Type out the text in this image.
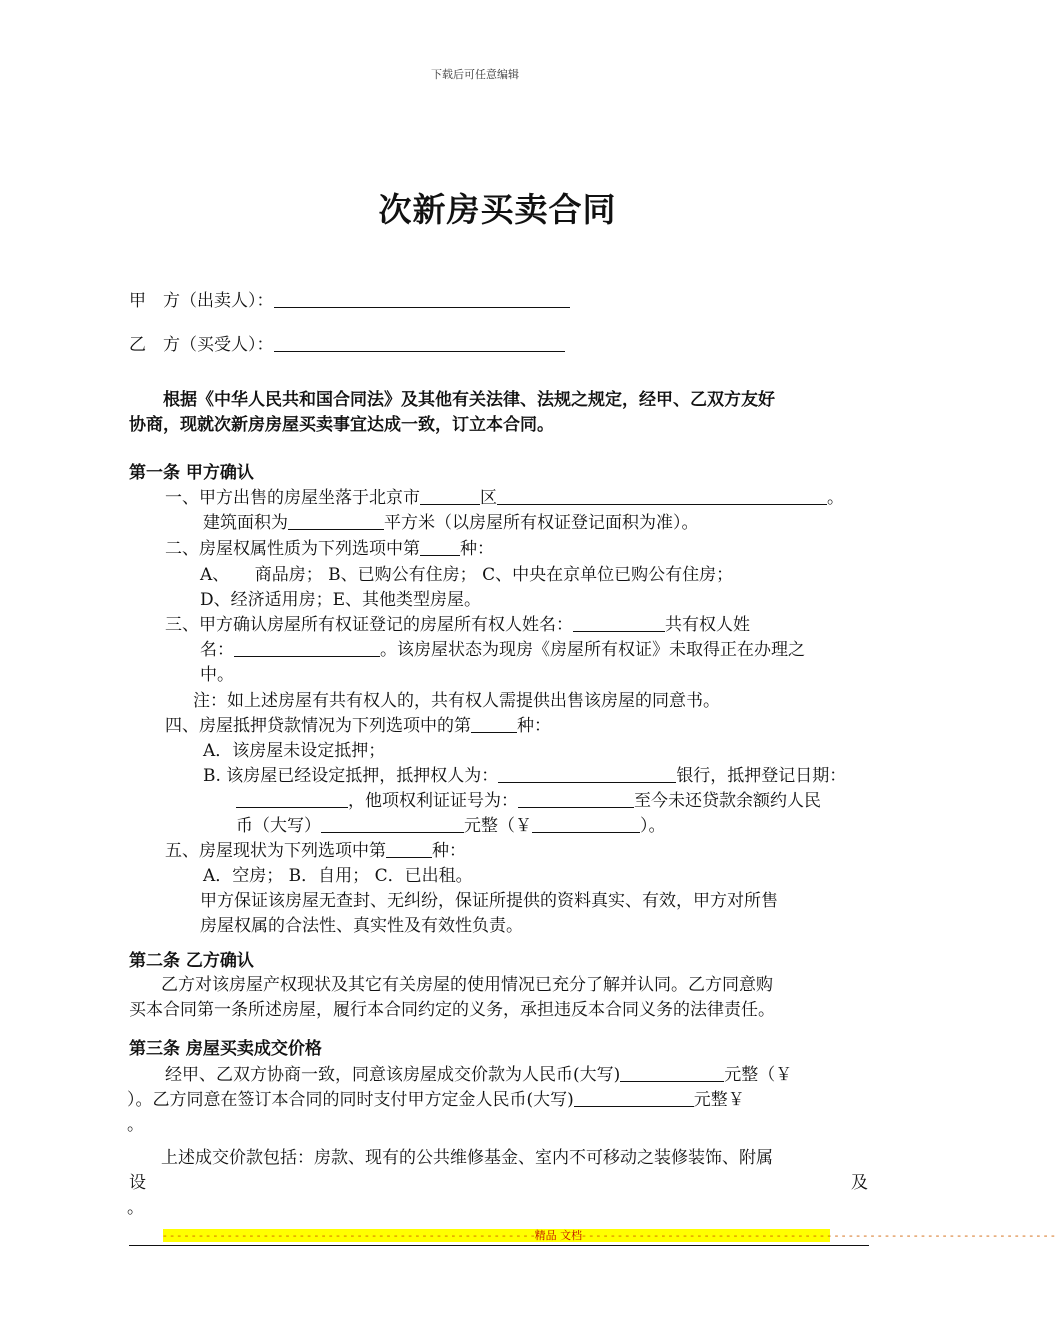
下载后可任意编辑
次新房买卖合同
甲　方（出卖人）：
乙　方（买受人）：
根据《中华人民共和国合同法》及其他有关法律、法规之规定，经甲、乙双方友好
协商，现就次新房房屋买卖事宜达成一致，订立本合同。
第一条 甲方确认
一、甲方出售的房屋坐落于北京市	区	。
建筑面积为	平方米（以房屋所有权证登记面积为准）。
二、房屋权属性质为下列选项中第 种：
A、　　商品房； B、已购公有住房； C、中央在京单位已购公有住房；
D、经济适用房；E、其他类型房屋。
三、甲方确认房屋所有权证登记的房屋所有权人姓名：	共有权人姓
名：	。该房屋状态为现房《房屋所有权证》未取得正在办理之
中。
注：如上述房屋有共有权人的，共有权人需提供出售该房屋的同意书。
四、房屋抵押贷款情况为下列选项中的第	种：
A．该房屋未设定抵押；
B. 该房屋已经设定抵押，抵押权人为：	银行，抵押登记日期：
，他项权利证证号为：	至今未还贷款余额约人民
币（大写）	元整（￥	）。
五、房屋现状为下列选项中第	种：
A．空房； B．自用； C．已出租。
甲方保证该房屋无查封、无纠纷，保证所提供的资料真实、有效，甲方对所售
房屋权属的合法性、真实性及有效性负责。
第二条 乙方确认
乙方对该房屋产权现状及其它有关房屋的使用情况已充分了解并认同。乙方同意购
买本合同第一条所述房屋，履行本合同约定的义务，承担违反本合同义务的法律责任。
第三条 房屋买卖成交价格
经甲、乙双方协商一致，同意该房屋成交价款为人民币(大写)	元整（￥
）。乙方同意在签订本合同的同时支付甲方定金人民币(大写)	元整￥
。
上述成交价款包括：房款、现有的公共维修基金、室内不可移动之装修装饰、附属
设	及
。
- - - - - - - - - - - - - - - - - - - - - - - - - - - - - - - - - - - - - - - - - - - - - - - - - - - -精品 文档- - - - - - - - - - - - - - - - - - - - - - - - - - - - - - - - - - - - - - - - - - - - - - - - - - - - - - - - - - - - - - - - - -
